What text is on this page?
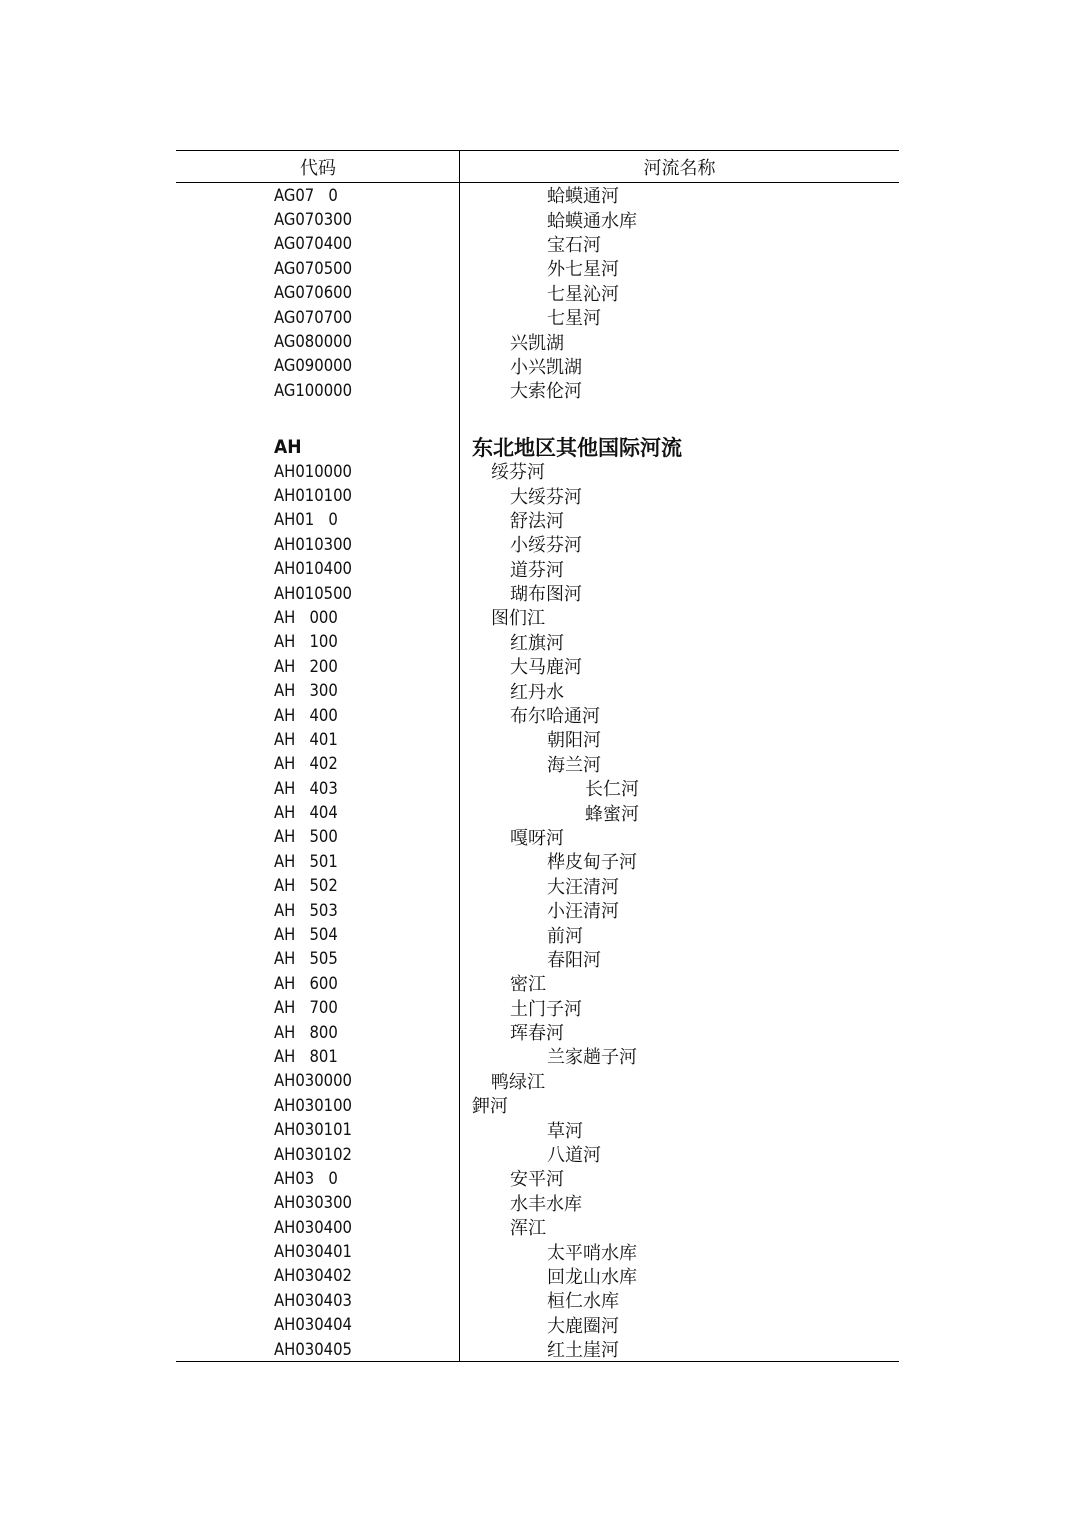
代码	河流名称
AG07   0	蛤蟆通河
AG070300	蛤蟆通水库
AG070400	宝石河
AG070500	外七星河
AG070600	七星沁河
AG070700	七星河
AG080000	兴凯湖
AG090000	小兴凯湖
AG100000	大索伦河
AH	东北地区其他国际河流
AH010000	绥芬河
AH010100	大绥芬河
AH01   0	舒法河
AH010300	小绥芬河
AH010400	道芬河
AH010500	瑚布图河
AH   000	图们江
AH   100	红旗河
AH   200	大马鹿河
AH   300	红丹水
AH   400	布尔哈通河
AH   401	朝阳河
AH   402	海兰河
AH   403	长仁河
AH   404	蜂蜜河
AH   500	嘎呀河
AH   501	桦皮甸子河
AH   502	大汪清河
AH   503	小汪清河
AH   504	前河
AH   505	春阳河
AH   600	密江
AH   700	土门子河
AH   800	珲春河
AH   801	兰家趟子河
AH030000	鸭绿江
AH030100	鉀河
AH030101	草河
AH030102	八道河
AH03   0	安平河
AH030300	水丰水库
AH030400	浑江
AH030401	太平哨水库
AH030402	回龙山水库
AH030403	桓仁水库
AH030404	大鹿圈河
AH030405	红土崖河
